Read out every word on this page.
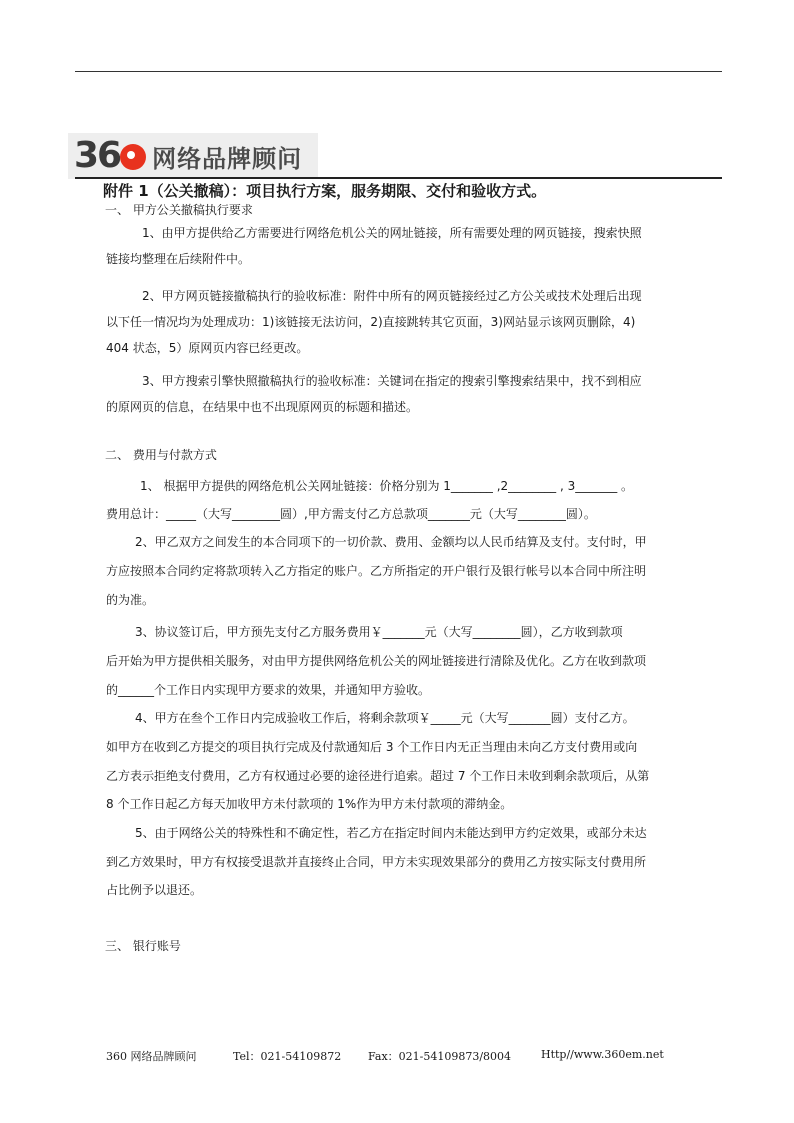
36 网络品牌顾问
附件 1（公关撤稿）：项目执行方案，服务期限、交付和验收方式。
一、 甲方公关撤稿执行要求
1、由甲方提供给乙方需要进行网络危机公关的网址链接，所有需要处理的网页链接，搜索快照
链接均整理在后续附件中。
2、甲方网页链接撤稿执行的验收标准：附件中所有的网页链接经过乙方公关或技术处理后出现
以下任一情况均为处理成功：1)该链接无法访问，2)直接跳转其它页面，3)网站显示该网页删除，4)
404 状态，5）原网页内容已经更改。
3、甲方搜索引擎快照撤稿执行的验收标准：关键词在指定的搜索引擎搜索结果中，找不到相应
的原网页的信息，在结果中也不出现原网页的标题和描述。
二、 费用与付款方式
1、 根据甲方提供的网络危机公关网址链接：价格分别为 1_______ ,2________ , 3_______ 。
费用总计：_____（大写________圆）,甲方需支付乙方总款项_______元（大写________圆）。
2、甲乙双方之间发生的本合同项下的一切价款、费用、金额均以人民币结算及支付。支付时，甲
方应按照本合同约定将款项转入乙方指定的账户。乙方所指定的开户银行及银行帐号以本合同中所注明
的为准。
3、协议签订后，甲方预先支付乙方服务费用￥_______元（大写________圆），乙方收到款项
后开始为甲方提供相关服务，对由甲方提供网络危机公关的网址链接进行清除及优化。乙方在收到款项
的______个工作日内实现甲方要求的效果，并通知甲方验收。
4、甲方在叁个工作日内完成验收工作后，将剩余款项￥_____元（大写_______圆）支付乙方。
如甲方在收到乙方提交的项目执行完成及付款通知后 3 个工作日内无正当理由未向乙方支付费用或向
乙方表示拒绝支付费用，乙方有权通过必要的途径进行追索。超过 7 个工作日未收到剩余款项后，从第
8 个工作日起乙方每天加收甲方未付款项的 1%作为甲方未付款项的滞纳金。
5、由于网络公关的特殊性和不确定性，若乙方在指定时间内未能达到甲方约定效果，或部分未达
到乙方效果时，甲方有权接受退款并直接终止合同，甲方未实现效果部分的费用乙方按实际支付费用所
占比例予以退还。
三、 银行账号
360 网络品牌顾问	Tel：021-54109872 Fax：021-54109873/8004	Http//www.360em.net
